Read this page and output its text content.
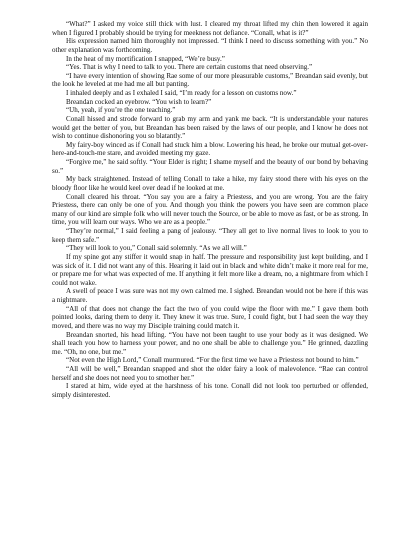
“What?” I asked my voice still thick with lust. I cleared my throat lifted my chin then lowered it again when I figured I probably should be trying for meekness not defiance. “Conall, what is it?”

His expression named him thoroughly not impressed. “I think I need to discuss something with you.” No other explanation was forthcoming.

In the heat of my mortification I snapped, “We’re busy.”

“Yes. That is why I need to talk to you. There are certain customs that need observing.”

“I have every intention of showing Rae some of our more pleasurable customs,” Breandan said evenly, but the look he leveled at me had me all but panting.

I inhaled deeply and as I exhaled I said, “I’m ready for a lesson on customs now.”

Breandan cocked an eyebrow. “You wish to learn?”

“Uh, yeah, if you’re the one teaching.”

Conall hissed and strode forward to grab my arm and yank me back. “It is understandable your natures would get the better of you, but Breandan has been raised by the laws of our people, and I know he does not wish to continue dishonoring you so blatantly.”

My fairy-boy winced as if Conall had stuck him a blow. Lowering his head, he broke our mutual get-over-here-and-touch-me stare, and avoided meeting my gaze.

“Forgive me,” he said softly. “Your Elder is right; I shame myself and the beauty of our bond by behaving so.”

My back straightened. Instead of telling Conall to take a hike, my fairy stood there with his eyes on the bloody floor like he would keel over dead if he looked at me.

Conall cleared his throat. “You say you are a fairy a Priestess, and you are wrong. You are the fairy Priestess, there can only be one of you. And though you think the powers you have seen are common place many of our kind are simple folk who will never touch the Source, or be able to move as fast, or be as strong. In time, you will learn our ways. Who we are as a people.”

“They’re normal,” I said feeling a pang of jealousy. “They all get to live normal lives to look to you to keep them safe.”

“They will look to you,” Conall said solemnly. “As we all will.”

If my spine got any stiffer it would snap in half. The pressure and responsibility just kept building, and I was sick of it. I did not want any of this. Hearing it laid out in black and white didn’t make it more real for me, or prepare me for what was expected of me. If anything it felt more like a dream, no, a nightmare from which I could not wake.

A swell of peace I was sure was not my own calmed me. I sighed. Breandan would not be here if this was a nightmare.

“All of that does not change the fact the two of you could wipe the floor with me.” I gave them both pointed looks, daring them to deny it. They knew it was true. Sure, I could fight, but I had seen the way they moved, and there was no way my Disciple training could match it.

Breandan snorted, his head lifting. “You have not been taught to use your body as it was designed. We shall teach you how to harness your power, and no one shall be able to challenge you.” He grinned, dazzling me. “Oh, no one, but me.”

“Not even the High Lord,” Conall murmured. “For the first time we have a Priestess not bound to him.”

“All will be well,” Breandan snapped and shot the older fairy a look of malevolence. “Rae can control herself and she does not need you to smother her.”

I stared at him, wide eyed at the harshness of his tone. Conall did not look too perturbed or offended, simply disinterested.
